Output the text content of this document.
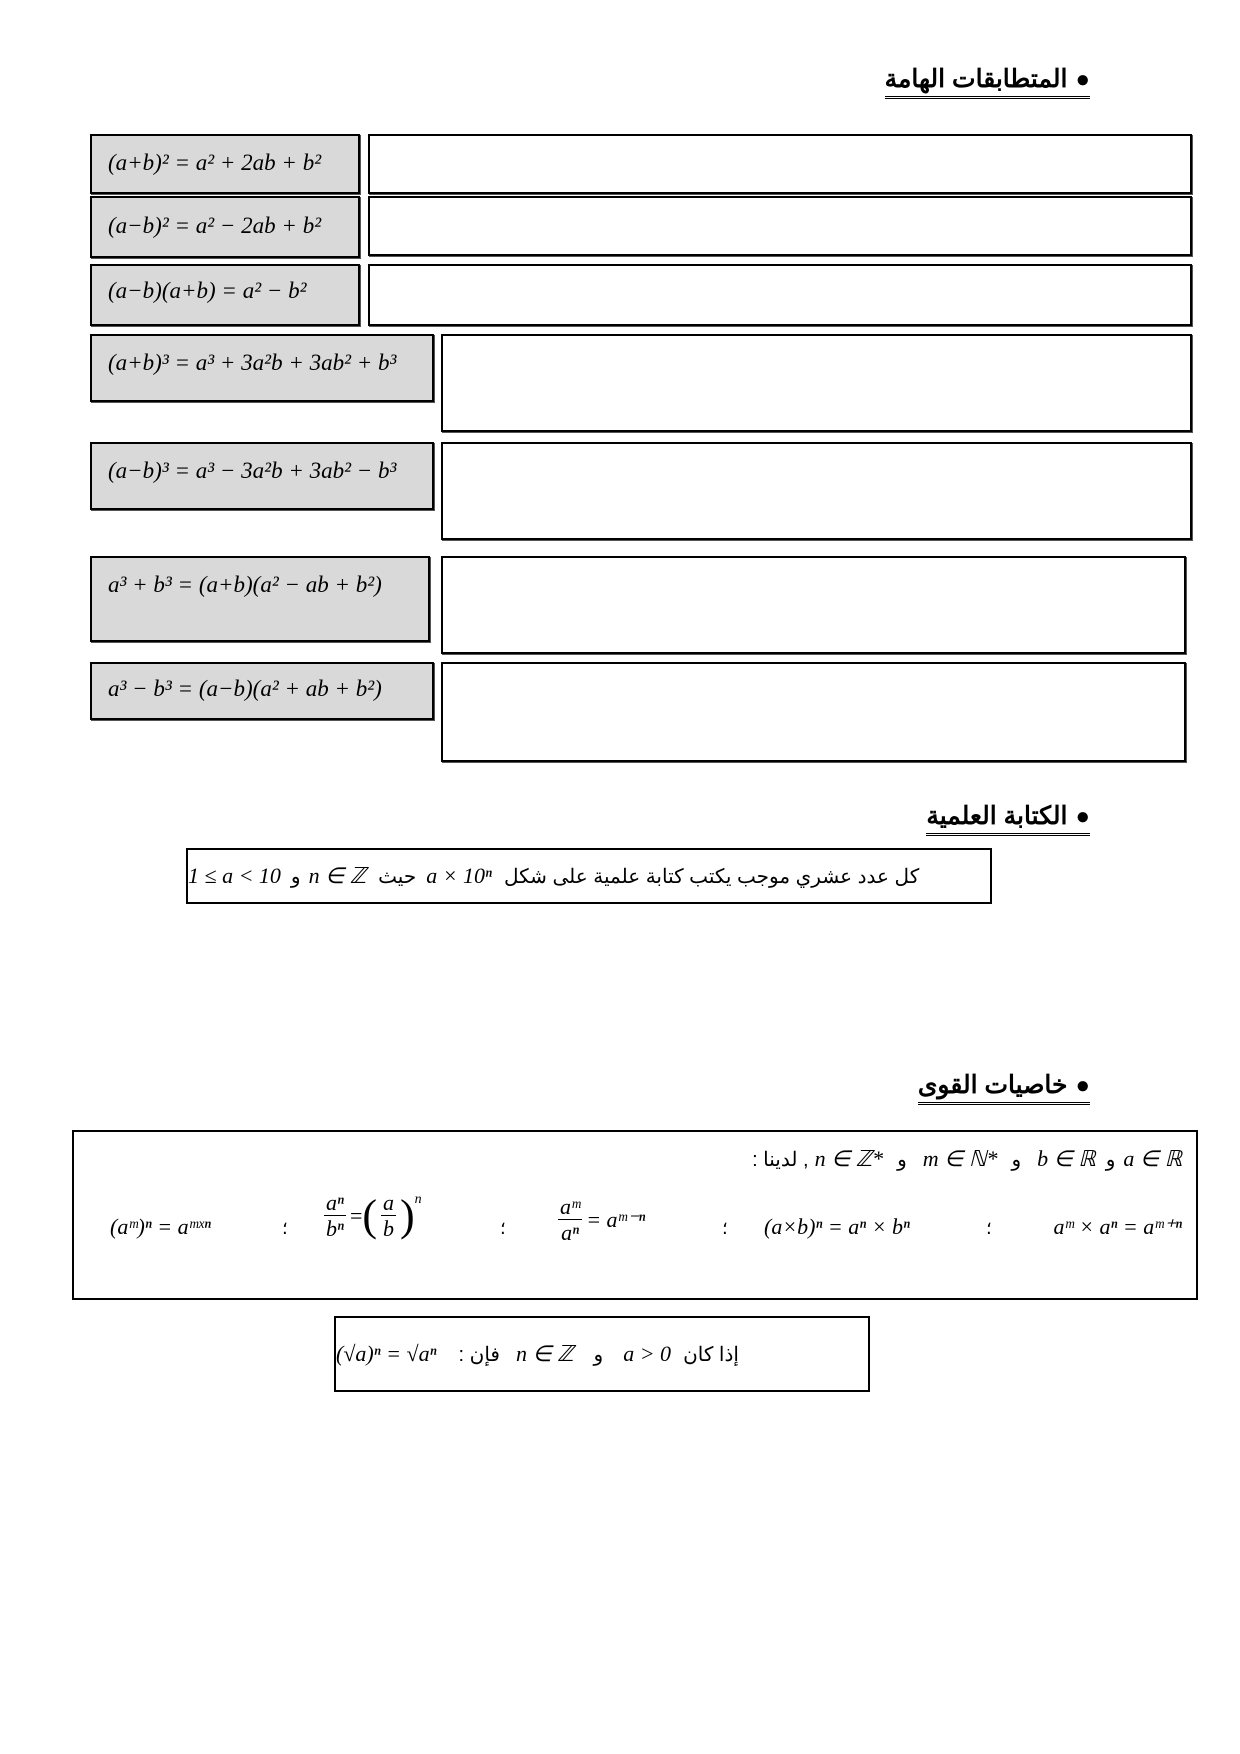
●المتطابقات الهامة
(a+b)² = a² + 2ab + b²
(a−b)² = a² − 2ab + b²
(a−b)(a+b) = a² − b²
(a+b)³ = a³ + 3a²b + 3ab² + b³
(a−b)³ = a³ − 3a²b + 3ab² − b³
a³ + b³ = (a+b)(a² − ab + b²)
a³ − b³ = (a−b)(a² + ab + b²)
●الكتابة العلمية
كل عدد عشري موجب يكتب كتابة علمية على شكل
a × 10ⁿ
حيث
n ∈ ℤ
و
1 ≤ a < 10
●خاصيات القوى
a ∈ ℝ
و
b ∈ ℝ
و
m ∈ ℕ*
و
n ∈ ℤ*
, لدينا :
aᵐ × aⁿ = aᵐ⁺ⁿ
؛
(a×b)ⁿ = aⁿ × bⁿ
؛
$\frac{\text{aᵐ}}{\text{aⁿ}}$ = aᵐ⁻ⁿ
؛
$\frac{\text{aⁿ}}{\text{bⁿ}}$ = ( $\frac{a}{b}$ ) n
؛
(aᵐ)ⁿ = aᵐˣⁿ
إذا كان
a > 0
و
n ∈ ℤ
فإن :
(√a)ⁿ = √aⁿ
